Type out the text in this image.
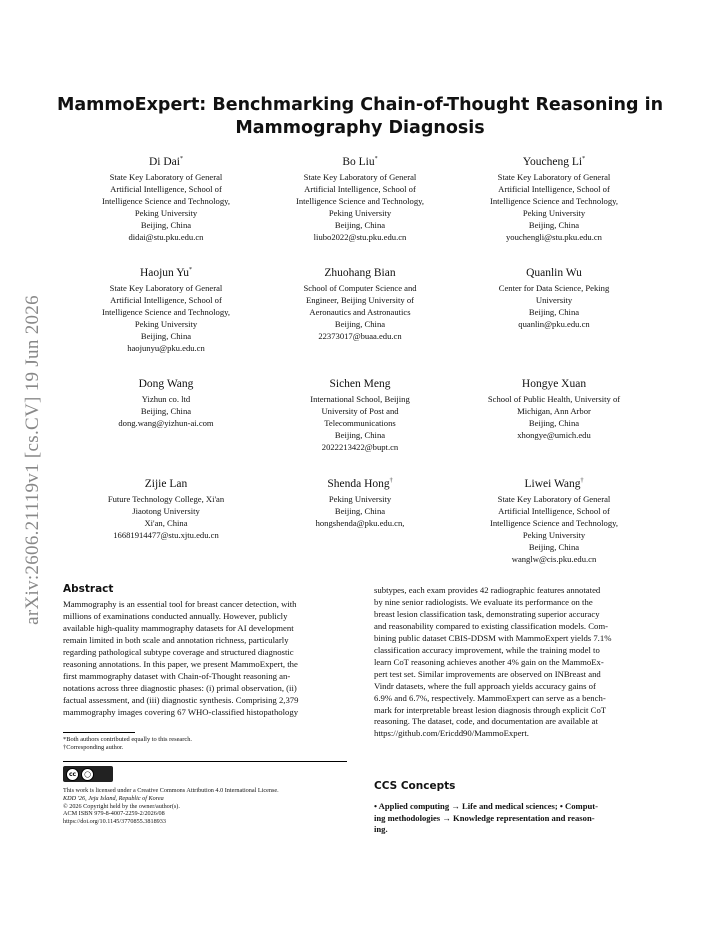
arXiv:2606.21119v1 [cs.CV] 19 Jun 2026
MammoExpert: Benchmarking Chain-of-Thought Reasoning in
Mammography Diagnosis
Di Dai*
State Key Laboratory of General
Artificial Intelligence, School of
Intelligence Science and Technology,
Peking University
Beijing, China
didai@stu.pku.edu.cn
Bo Liu*
State Key Laboratory of General
Artificial Intelligence, School of
Intelligence Science and Technology,
Peking University
Beijing, China
liubo2022@stu.pku.edu.cn
Youcheng Li*
State Key Laboratory of General
Artificial Intelligence, School of
Intelligence Science and Technology,
Peking University
Beijing, China
youchengli@stu.pku.edu.cn
Haojun Yu*
State Key Laboratory of General
Artificial Intelligence, School of
Intelligence Science and Technology,
Peking University
Beijing, China
haojunyu@pku.edu.cn
Zhuohang Bian
School of Computer Science and
Engineer, Beijing University of
Aeronautics and Astronautics
Beijing, China
22373017@buaa.edu.cn
Quanlin Wu
Center for Data Science, Peking
University
Beijing, China
quanlin@pku.edu.cn
Dong Wang
Yizhun co. ltd
Beijing, China
dong.wang@yizhun-ai.com
Sichen Meng
International School, Beijing
University of Post and
Telecommunications
Beijing, China
2022213422@bupt.cn
Hongye Xuan
School of Public Health, University of
Michigan, Ann Arbor
Beijing, China
xhongye@umich.edu
Zijie Lan
Future Technology College, Xi'an
Jiaotong University
Xi'an, China
16681914477@stu.xjtu.edu.cn
Shenda Hong†
Peking University
Beijing, China
hongshenda@pku.edu.cn,
Liwei Wang†
State Key Laboratory of General
Artificial Intelligence, School of
Intelligence Science and Technology,
Peking University
Beijing, China
wanglw@cis.pku.edu.cn
Abstract
Mammography is an essential tool for breast cancer detection, with
millions of examinations conducted annually. However, publicly
available high-quality mammography datasets for AI development
remain limited in both scale and annotation richness, particularly
regarding pathological subtype coverage and structured diagnostic
reasoning annotations. In this paper, we present MammoExpert, the
first mammography dataset with Chain-of-Thought reasoning an-
notations across three diagnostic phases: (i) primal observation, (ii)
factual assessment, and (iii) diagnostic synthesis. Comprising 2,379
mammography images covering 67 WHO-classified histopathology
subtypes, each exam provides 42 radiographic features annotated
by nine senior radiologists. We evaluate its performance on the
breast lesion classification task, demonstrating superior accuracy
and reasonability compared to existing classification models. Com-
bining public dataset CBIS-DDSM with MammoExpert yields 7.1%
classification accuracy improvement, while the training model to
learn CoT reasoning achieves another 4% gain on the MammoEx-
pert test set. Similar improvements are observed on INBreast and
Vindr datasets, where the full approach yields accuracy gains of
6.9% and 6.7%, respectively. MammoExpert can serve as a bench-
mark for interpretable breast lesion diagnosis through explicit CoT
reasoning. The dataset, code, and documentation are available at
https://github.com/Ericdd90/MammoExpert.
*Both authors contributed equally to this research.
†Corresponding author.
cc	◯
This work is licensed under a Creative Commons Attribution 4.0 International License.
KDD '26, Jeju Island, Republic of Korea
© 2026 Copyright held by the owner/author(s).
ACM ISBN 979-8-4007-2259-2/2026/08
https://doi.org/10.1145/3770855.3818933
CCS Concepts
• Applied computing → Life and medical sciences; • Comput-
ing methodologies → Knowledge representation and reason-
ing.
